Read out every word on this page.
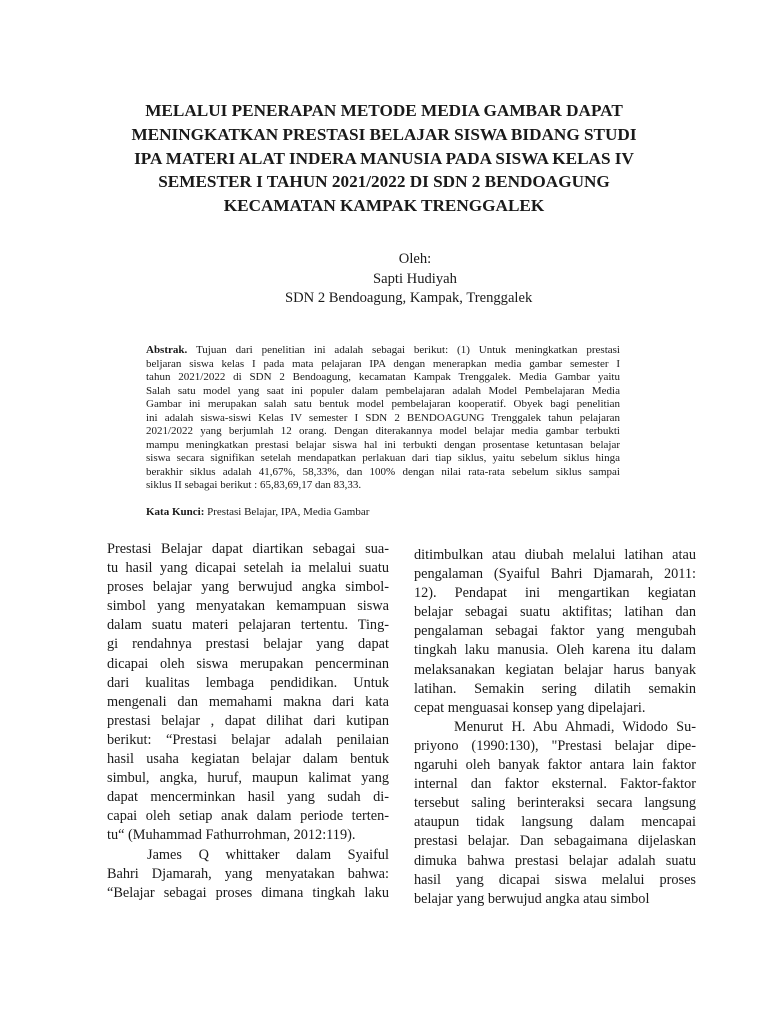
MELALUI PENERAPAN METODE MEDIA GAMBAR DAPAT
MENINGKATKAN PRESTASI BELAJAR SISWA BIDANG STUDI
IPA MATERI ALAT INDERA MANUSIA PADA SISWA KELAS IV
SEMESTER I TAHUN 2021/2022 DI SDN 2 BENDOAGUNG
KECAMATAN KAMPAK TRENGGALEK
Oleh:
Sapti Hudiyah
SDN 2 Bendoagung, Kampak, Trenggalek
Abstrak. Tujuan dari penelitian ini adalah sebagai berikut: (1) Untuk meningkatkan prestasi
beljaran siswa kelas I pada mata pelajaran IPA dengan menerapkan media gambar semester I
tahun 2021/2022 di SDN 2 Bendoagung, kecamatan Kampak Trenggalek. Media Gambar yaitu
Salah satu model yang saat ini populer dalam pembelajaran adalah Model Pembelajaran Media
Gambar ini merupakan salah satu bentuk model pembelajaran kooperatif. Obyek bagi penelitian
ini adalah siswa-siswi Kelas IV semester I SDN 2 BENDOAGUNG Trenggalek tahun pelajaran
2021/2022 yang berjumlah 12 orang. Dengan diterakannya model belajar media gambar terbukti
mampu meningkatkan prestasi belajar siswa hal ini terbukti dengan prosentase ketuntasan belajar
siswa secara signifikan setelah mendapatkan perlakuan dari tiap siklus, yaitu sebelum siklus hinga
berakhir siklus adalah 41,67%, 58,33%, dan 100% dengan nilai rata-rata sebelum siklus sampai
siklus II sebagai berikut : 65,83,69,17 dan 83,33.
Kata Kunci: Prestasi Belajar, IPA, Media Gambar
Prestasi Belajar dapat diartikan sebagai sua-
tu hasil yang dicapai setelah ia melalui suatu
proses belajar yang berwujud angka simbol-
simbol yang menyatakan kemampuan siswa
dalam suatu materi pelajaran tertentu. Ting-
gi rendahnya prestasi belajar yang dapat
dicapai oleh siswa merupakan pencerminan
dari kualitas lembaga pendidikan. Untuk
mengenali dan memahami makna dari kata
prestasi belajar , dapat dilihat dari kutipan
berikut: “Prestasi belajar adalah penilaian
hasil usaha kegiatan belajar dalam bentuk
simbul, angka, huruf, maupun kalimat yang
dapat mencerminkan hasil yang sudah di-
capai oleh setiap anak dalam periode terten-
tu“ (Muhammad Fathurrohman, 2012:119).
James Q whittaker dalam Syaiful
Bahri Djamarah, yang menyatakan bahwa:
“Belajar sebagai proses dimana tingkah laku
ditimbulkan atau diubah melalui latihan atau
pengalaman (Syaiful Bahri Djamarah, 2011:
12). Pendapat ini mengartikan kegiatan
belajar sebagai suatu aktifitas; latihan dan
pengalaman sebagai faktor yang mengubah
tingkah laku manusia. Oleh karena itu dalam
melaksanakan kegiatan belajar harus banyak
latihan. Semakin sering dilatih semakin
cepat menguasai konsep yang dipelajari.
Menurut H. Abu Ahmadi, Widodo Su-
priyono (1990:130), "Prestasi belajar dipe-
ngaruhi oleh banyak faktor antara lain faktor
internal dan faktor eksternal. Faktor-faktor
tersebut saling berinteraksi secara langsung
ataupun tidak langsung dalam mencapai
prestasi belajar. Dan sebagaimana dijelaskan
dimuka bahwa prestasi belajar adalah suatu
hasil yang dicapai siswa melalui proses
belajar yang berwujud angka atau simbol
